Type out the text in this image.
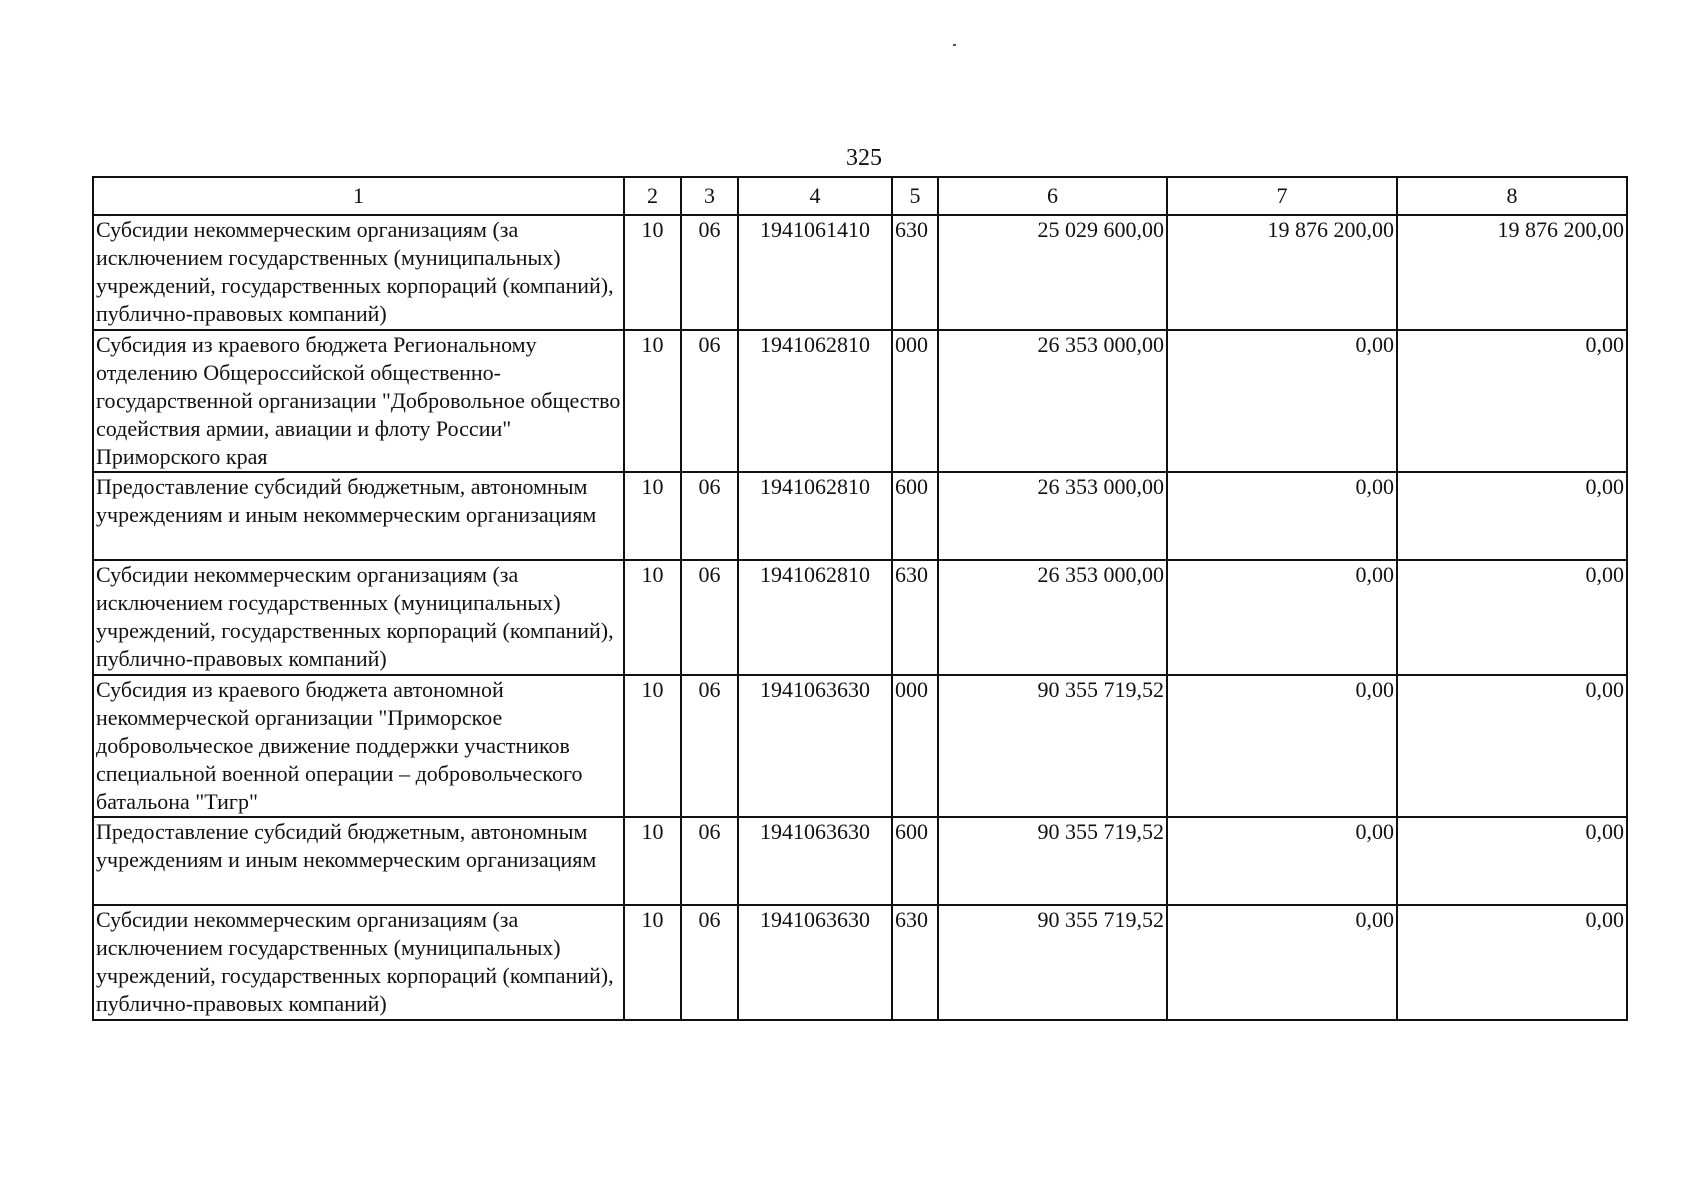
325
1	2	3	4	5	6	7	8
Субсидии некоммерческим организациям (за исключением государственных (муниципальных) учреждений, государственных корпораций (компаний), публично-правовых компаний)	10	06	1941061410	630	25 029 600,00	19 876 200,00	19 876 200,00
Субсидия из краевого бюджета Региональному отделению Общероссийской общественно-государственной организации "Добровольное общество содействия армии, авиации и флоту России" Приморского края	10	06	1941062810	000	26 353 000,00	0,00	0,00
Предоставление субсидий бюджетным, автономным учреждениям и иным некоммерческим организациям	10	06	1941062810	600	26 353 000,00	0,00	0,00
Субсидии некоммерческим организациям (за исключением государственных (муниципальных) учреждений, государственных корпораций (компаний), публично-правовых компаний)	10	06	1941062810	630	26 353 000,00	0,00	0,00
Субсидия из краевого бюджета автономной некоммерческой организации "Приморское добровольческое движение поддержки участников специальной военной операции – добровольческого батальона "Тигр"	10	06	1941063630	000	90 355 719,52	0,00	0,00
Предоставление субсидий бюджетным, автономным учреждениям и иным некоммерческим организациям	10	06	1941063630	600	90 355 719,52	0,00	0,00
Субсидии некоммерческим организациям (за исключением государственных (муниципальных) учреждений, государственных корпораций (компаний), публично-правовых компаний)	10	06	1941063630	630	90 355 719,52	0,00	0,00
